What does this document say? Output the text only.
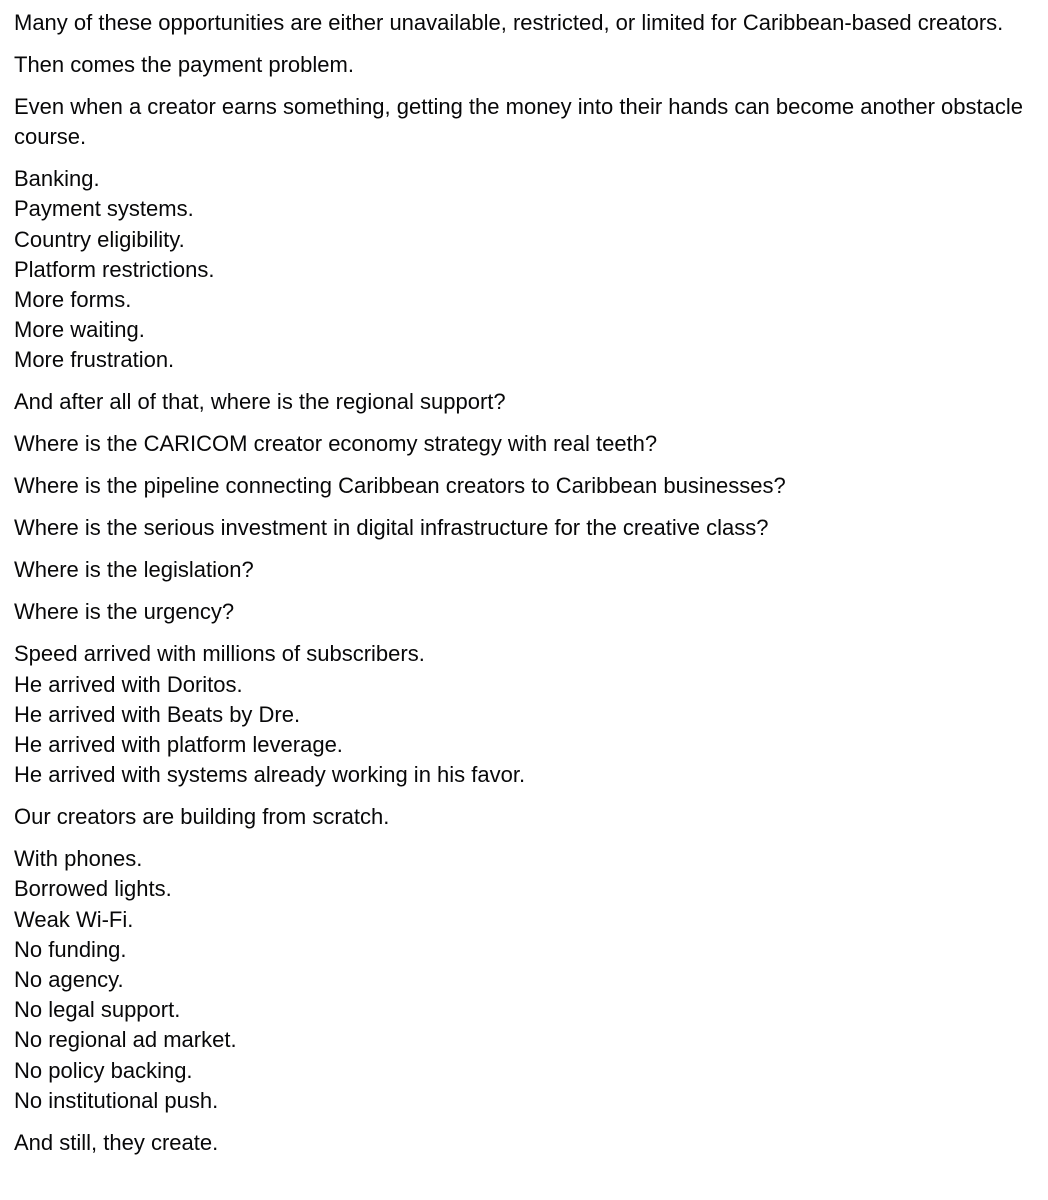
Many of these opportunities are either unavailable, restricted, or limited for Caribbean-based creators.

Then comes the payment problem.

Even when a creator earns something, getting the money into their hands can become another obstacle course.

Banking.
Payment systems.
Country eligibility.
Platform restrictions.
More forms.
More waiting.
More frustration.

And after all of that, where is the regional support?

Where is the CARICOM creator economy strategy with real teeth?

Where is the pipeline connecting Caribbean creators to Caribbean businesses?

Where is the serious investment in digital infrastructure for the creative class?

Where is the legislation?

Where is the urgency?

Speed arrived with millions of subscribers.
He arrived with Doritos.
He arrived with Beats by Dre.
He arrived with platform leverage.
He arrived with systems already working in his favor.

Our creators are building from scratch.

With phones.
Borrowed lights.
Weak Wi-Fi.
No funding.
No agency.
No legal support.
No regional ad market.
No policy backing.
No institutional push.

And still, they create.
